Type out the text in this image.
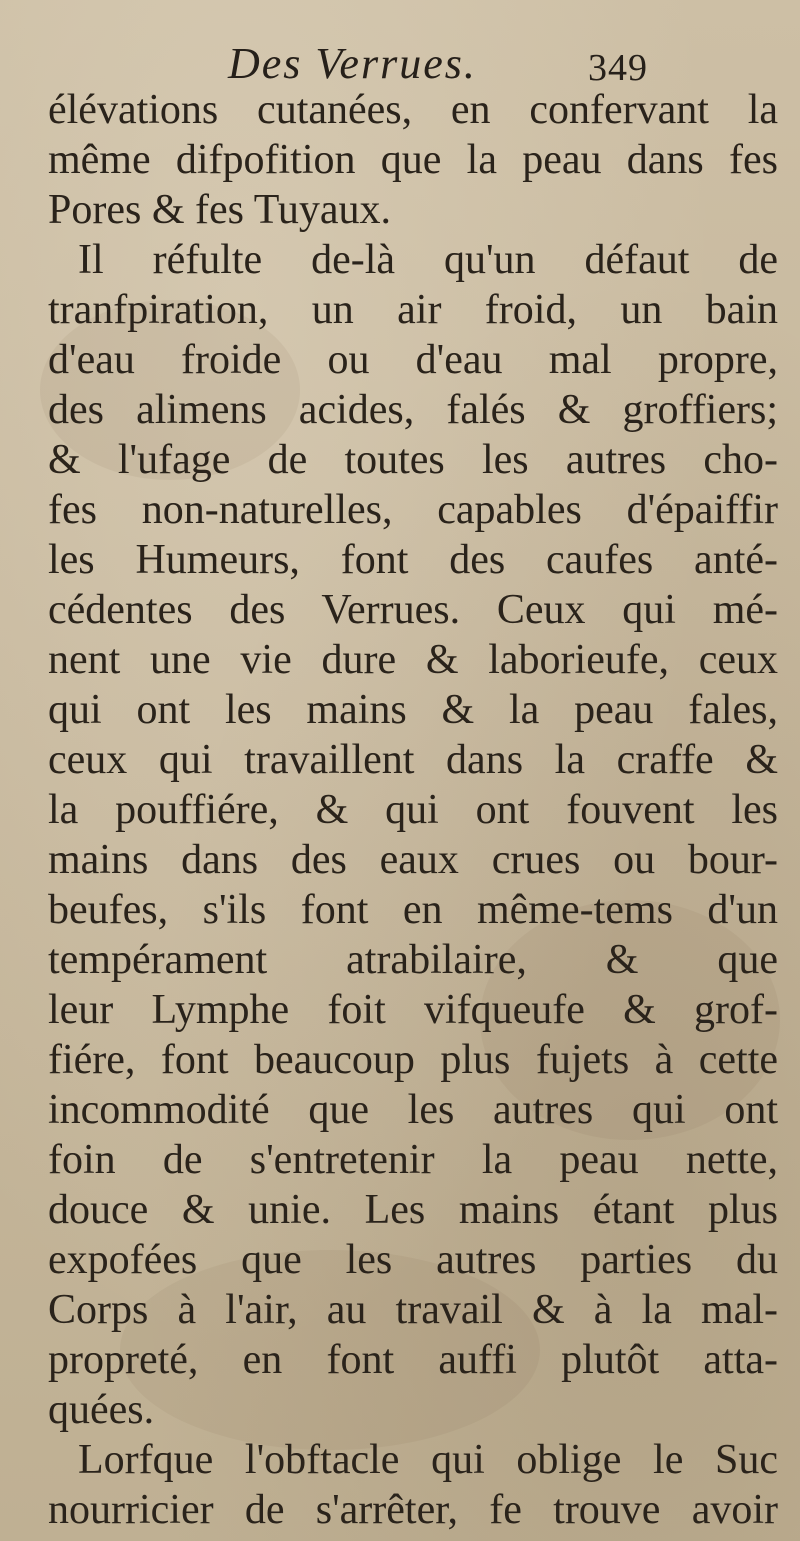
Des Verrues.	349
élévations cutanées, en confervant la
même difpofition que la peau dans fes
Pores & fes Tuyaux.
Il réfulte de-là qu'un défaut de
tranfpiration, un air froid, un bain
d'eau froide ou d'eau mal propre,
des alimens acides, falés & groffiers;
& l'ufage de toutes les autres cho-
fes non-naturelles, capables d'épaiffir
les Humeurs, font des caufes anté-
cédentes des Verrues. Ceux qui mé-
nent une vie dure & laborieufe, ceux
qui ont les mains & la peau fales,
ceux qui travaillent dans la craffe &
la pouffiére, & qui ont fouvent les
mains dans des eaux crues ou bour-
beufes, s'ils font en même-tems d'un
tempérament atrabilaire, & que
leur Lymphe foit vifqueufe & grof-
fiére, font beaucoup plus fujets à cette
incommodité que les autres qui ont
foin de s'entretenir la peau nette,
douce & unie. Les mains étant plus
expofées que les autres parties du
Corps à l'air, au travail & à la mal-
propreté, en font auffi plutôt atta-
quées.
Lorfque l'obftacle qui oblige le Suc
nourricier de s'arrêter, fe trouve avoir
